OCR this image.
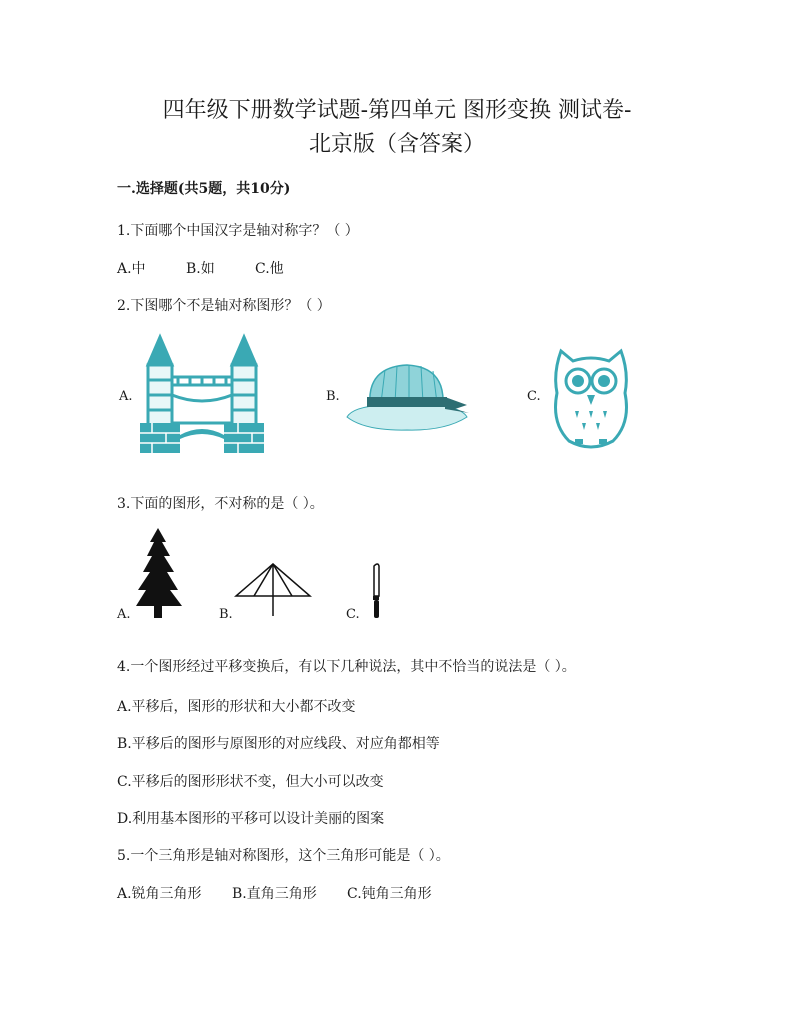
四年级下册数学试题-第四单元 图形变换 测试卷-
北京版（含答案）
一.选择题(共5题，共10分)
1.下面哪个中国汉字是轴对称字？（ ）
A.中	B.如	C.他
2.下图哪个不是轴对称图形？（ ）
A.	B.	C.
3.下面的图形，不对称的是（ ）。
A.	B.	C.
4.一个图形经过平移变换后，有以下几种说法，其中不恰当的说法是（ ）。
A.平移后，图形的形状和大小都不改变
B.平移后的图形与原图形的对应线段、对应角都相等
C.平移后的图形形状不变，但大小可以改变
D.利用基本图形的平移可以设计美丽的图案
5.一个三角形是轴对称图形，这个三角形可能是（ ）。
A.锐角三角形 B.直角三角形 C.钝角三角形
